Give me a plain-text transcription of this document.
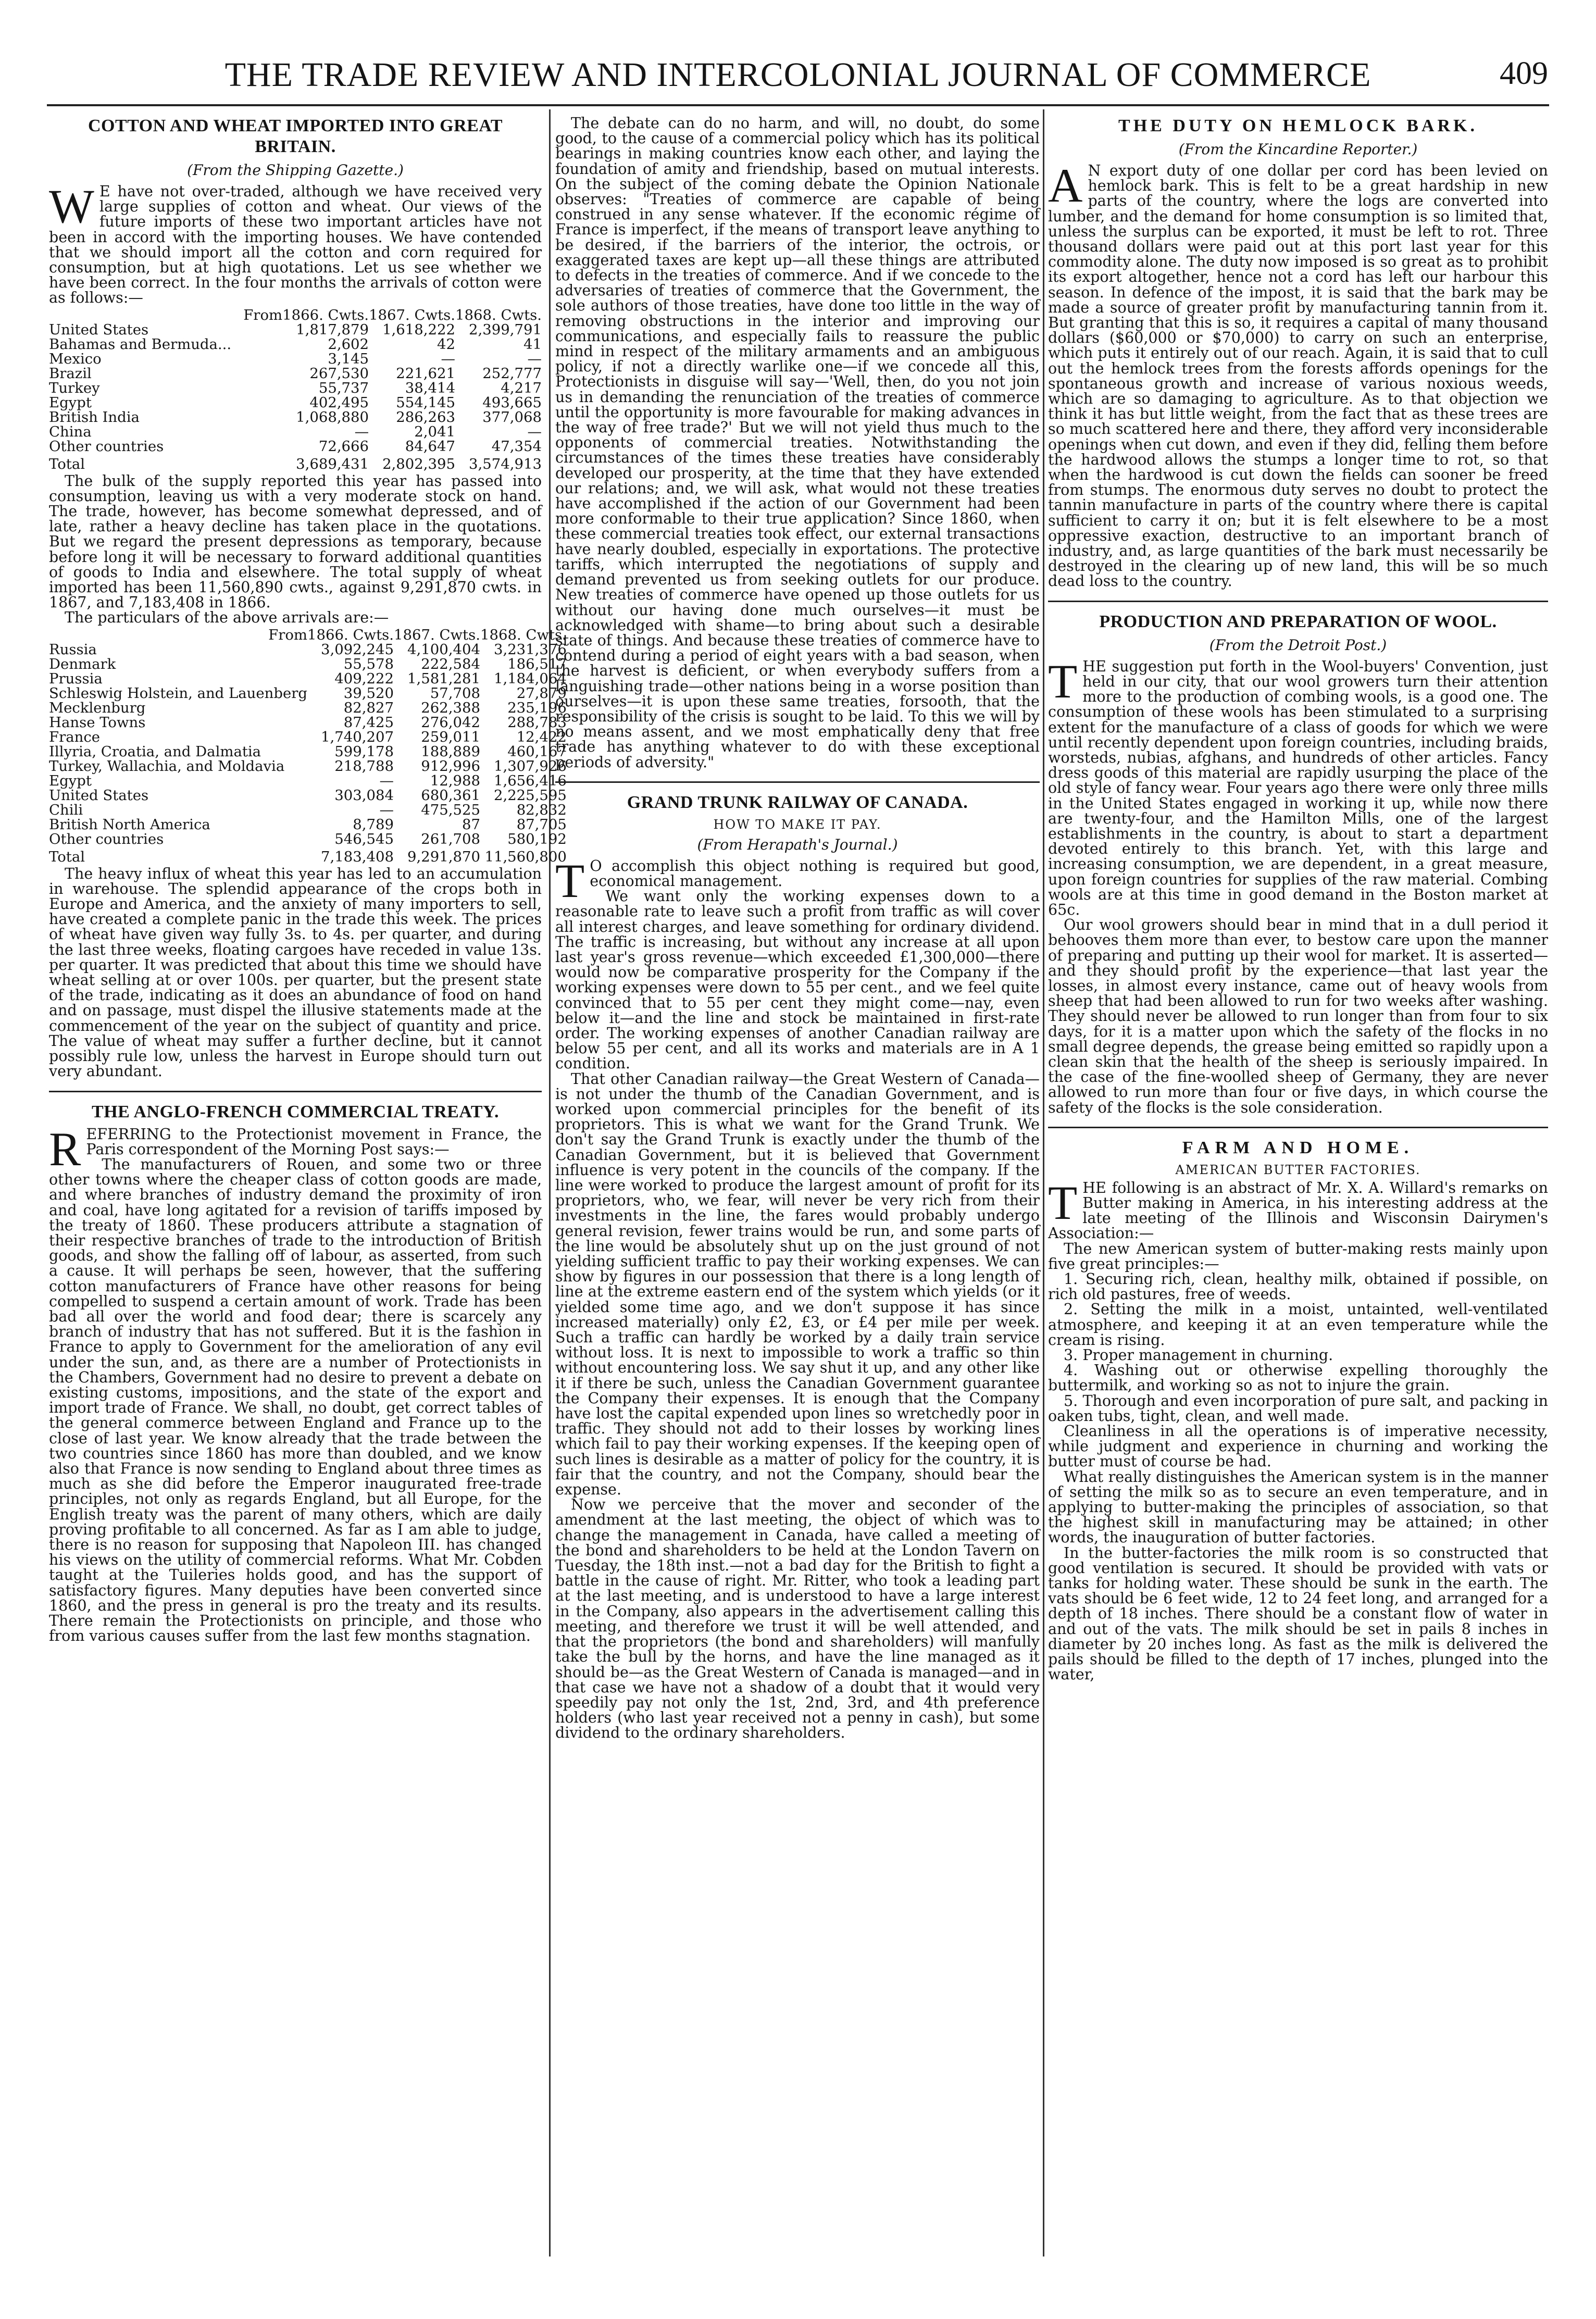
THE TRADE REVIEW AND INTERCOLONIAL JOURNAL OF COMMERCE	409
COTTON AND WHEAT IMPORTED INTO GREAT BRITAIN.
(From the Shipping Gazette.)

W E have not over-traded, although we have received very large supplies of cotton and wheat. Our views of the future imports of these two important articles have not been in accord with the importing houses. We have contended that we should import all the cotton and corn required for consumption, but at high quotations. Let us see whether we have been correct. In the four months the arrivals of cotton were as follows:—

From	1866. Cwts.	1867. Cwts.	1868. Cwts.
United States	1,817,879	1,618,222	2,399,791
Bahamas and Bermuda...	2,602	42	41
Mexico	3,145	—	—
Brazil	267,530	221,621	252,777
Turkey	55,737	38,414	4,217
Egypt	402,495	554,145	493,665
British India	1,068,880	286,263	377,068
China	—	2,041	—
Other countries	72,666	84,647	47,354
Total	3,689,431	2,802,395	3,574,913

The bulk of the supply reported this year has passed into consumption, leaving us with a very moderate stock on hand. The trade, however, has become somewhat depressed, and of late, rather a heavy decline has taken place in the quotations. But we regard the present depressions as temporary, because before long it will be necessary to forward additional quantities of goods to India and elsewhere. The total supply of wheat imported has been 11,560,890 cwts., against 9,291,870 cwts. in 1867, and 7,183,408 in 1866.

The particulars of the above arrivals are:—

From	1866. Cwts.	1867. Cwts.	1868. Cwts.
Russia	3,092,245	4,100,404	3,231,376
Denmark	55,578	222,584	186,517
Prussia	409,222	1,581,281	1,184,064
Schleswig Holstein, and Lauenberg	39,520	57,708	27,879
Mecklenburg	82,827	262,388	235,196
Hanse Towns	87,425	276,042	288,783
France	1,740,207	259,011	12,422
Illyria, Croatia, and Dalmatia	599,178	188,889	460,167
Turkey, Wallachia, and Moldavia	218,788	912,996	1,307,926
Egypt	—	12,988	1,656,416
United States	303,084	680,361	2,225,595
Chili	—	475,525	82,832
British North America	8,789	87	87,705
Other countries	546,545	261,708	580,192
Total	7,183,408	9,291,870	11,560,800

The heavy influx of wheat this year has led to an accumulation in warehouse. The splendid appearance of the crops both in Europe and America, and the anxiety of many importers to sell, have created a complete panic in the trade this week. The prices of wheat have given way fully 3s. to 4s. per quarter, and during the last three weeks, floating cargoes have receded in value 13s. per quarter. It was predicted that about this time we should have wheat selling at or over 100s. per quarter, but the present state of the trade, indicating as it does an abundance of food on hand and on passage, must dispel the illusive statements made at the commencement of the year on the subject of quantity and price. The value of wheat may suffer a further decline, but it cannot possibly rule low, unless the harvest in Europe should turn out very abundant.

THE ANGLO-FRENCH COMMERCIAL TREATY.

REFERRING to the Protectionist movement in France, the Paris correspondent of the Morning Post says:—

The manufacturers of Rouen, and some two or three other towns where the cheaper class of cotton goods are made, and where branches of industry demand the proximity of iron and coal, have long agitated for a revision of tariffs imposed by the treaty of 1860. These producers attribute a stagnation of their respective branches of trade to the introduction of British goods, and show the falling off of labour, as asserted, from such a cause. It will perhaps be seen, however, that the suffering cotton manufacturers of France have other reasons for being compelled to suspend a certain amount of work. Trade has been bad all over the world and food dear; there is scarcely any branch of industry that has not suffered. But it is the fashion in France to apply to Government for the amelioration of any evil under the sun, and, as there are a number of Protectionists in the Chambers, Government had no desire to prevent a debate on existing customs, impositions, and the state of the export and import trade of France. We shall, no doubt, get correct tables of the general commerce between England and France up to the close of last year. We know already that the trade between the two countries since 1860 has more than doubled, and we know also that France is now sending to England about three times as much as she did before the Emperor inaugurated free-trade principles, not only as regards England, but all Europe, for the English treaty was the parent of many others, which are daily proving profitable to all concerned. As far as I am able to judge, there is no reason for supposing that Napoleon III. has changed his views on the utility of commercial reforms. What Mr. Cobden taught at the Tuileries holds good, and has the support of satisfactory figures. Many deputies have been converted since 1860, and the press in general is pro the treaty and its results. There remain the Protectionists on principle, and those who from various causes suffer from the last few months stagnation.

The debate can do no harm, and will, no doubt, do some good, to the cause of a commercial policy which has its political bearings in making countries know each other, and laying the foundation of amity and friendship, based on mutual interests. On the subject of the coming debate the Opinion Nationale observes: "Treaties of commerce are capable of being construed in any sense whatever. If the economic régime of France is imperfect, if the means of transport leave anything to be desired, if the barriers of the interior, the octrois, or exaggerated taxes are kept up—all these things are attributed to defects in the treaties of commerce. And if we concede to the adversaries of treaties of commerce that the Government, the sole authors of those treaties, have done too little in the way of removing obstructions in the interior and improving our communications, and especially fails to reassure the public mind in respect of the military armaments and an ambiguous policy, if not a directly warlike one—if we concede all this, Protectionists in disguise will say—'Well, then, do you not join us in demanding the renunciation of the treaties of commerce until the opportunity is more favourable for making advances in the way of free trade?' But we will not yield thus much to the opponents of commercial treaties. Notwithstanding the circumstances of the times these treaties have considerably developed our prosperity, at the time that they have extended our relations; and, we will ask, what would not these treaties have accomplished if the action of our Government had been more conformable to their true application? Since 1860, when these commercial treaties took effect, our external transactions have nearly doubled, especially in exportations. The protective tariffs, which interrupted the negotiations of supply and demand prevented us from seeking outlets for our produce. New treaties of commerce have opened up those outlets for us without our having done much ourselves—it must be acknowledged with shame—to bring about such a desirable state of things. And because these treaties of commerce have to contend during a period of eight years with a bad season, when the harvest is deficient, or when everybody suffers from a languishing trade—other nations being in a worse position than ourselves—it is upon these same treaties, forsooth, that the responsibility of the crisis is sought to be laid. To this we will by no means assent, and we most emphatically deny that free trade has anything whatever to do with these exceptional periods of adversity."

GRAND TRUNK RAILWAY OF CANADA.
HOW TO MAKE IT PAY.
(From Herapath's Journal.)

T O accomplish this object nothing is required but good, economical management.

We want only the working expenses down to a reasonable rate to leave such a profit from traffic as will cover all interest charges, and leave something for ordinary dividend. The traffic is increasing, but without any increase at all upon last year's gross revenue—which exceeded £1,300,000—there would now be comparative prosperity for the Company if the working expenses were down to 55 per cent., and we feel quite convinced that to 55 per cent they might come—nay, even below it—and the line and stock be maintained in first-rate order. The working expenses of another Canadian railway are below 55 per cent, and all its works and materials are in A 1 condition.

That other Canadian railway—the Great Western of Canada—is not under the thumb of the Canadian Government, and is worked upon commercial principles for the benefit of its proprietors. This is what we want for the Grand Trunk. We don't say the Grand Trunk is exactly under the thumb of the Canadian Government, but it is believed that Government influence is very potent in the councils of the company. If the line were worked to produce the largest amount of profit for its proprietors, who, we fear, will never be very rich from their investments in the line, the fares would probably undergo general revision, fewer trains would be run, and some parts of the line would be absolutely shut up on the just ground of not yielding sufficient traffic to pay their working expenses. We can show by figures in our possession that there is a long length of line at the extreme eastern end of the system which yields (or it yielded some time ago, and we don't suppose it has since increased materially) only £2, £3, or £4 per mile per week. Such a traffic can hardly be worked by a daily train service without loss. It is next to impossible to work a traffic so thin without encountering loss. We say shut it up, and any other like it if there be such, unless the Canadian Government guarantee the Company their expenses. It is enough that the Company have lost the capital expended upon lines so wretchedly poor in traffic. They should not add to their losses by working lines which fail to pay their working expenses. If the keeping open of such lines is desirable as a matter of policy for the country, it is fair that the country, and not the Company, should bear the expense.

Now we perceive that the mover and seconder of the amendment at the last meeting, the object of which was to change the management in Canada, have called a meeting of the bond and shareholders to be held at the London Tavern on Tuesday, the 18th inst.—not a bad day for the British to fight a battle in the cause of right. Mr. Ritter, who took a leading part at the last meeting, and is understood to have a large interest in the Company, also appears in the advertisement calling this meeting, and therefore we trust it will be well attended, and that the proprietors (the bond and shareholders) will manfully take the bull by the horns, and have the line managed as it should be—as the Great Western of Canada is managed—and in that case we have not a shadow of a doubt that it would very speedily pay not only the 1st, 2nd, 3rd, and 4th preference holders (who last year received not a penny in cash), but some dividend to the ordinary shareholders.

THE DUTY ON HEMLOCK BARK.
(From the Kincardine Reporter.)

A N export duty of one dollar per cord has been levied on hemlock bark. This is felt to be a great hardship in new parts of the country, where the logs are converted into lumber, and the demand for home consumption is so limited that, unless the surplus can be exported, it must be left to rot. Three thousand dollars were paid out at this port last year for this commodity alone. The duty now imposed is so great as to prohibit its export altogether, hence not a cord has left our harbour this season. In defence of the impost, it is said that the bark may be made a source of greater profit by manufacturing tannin from it. But granting that this is so, it requires a capital of many thousand dollars ($60,000 or $70,000) to carry on such an enterprise, which puts it entirely out of our reach. Again, it is said that to cull out the hemlock trees from the forests affords openings for the spontaneous growth and increase of various noxious weeds, which are so damaging to agriculture. As to that objection we think it has but little weight, from the fact that as these trees are so much scattered here and there, they afford very inconsiderable openings when cut down, and even if they did, felling them before the hardwood allows the stumps a longer time to rot, so that when the hardwood is cut down the fields can sooner be freed from stumps. The enormous duty serves no doubt to protect the tannin manufacture in parts of the country where there is capital sufficient to carry it on; but it is felt elsewhere to be a most oppressive exaction, destructive to an important branch of industry, and, as large quantities of the bark must necessarily be destroyed in the clearing up of new land, this will be so much dead loss to the country.

PRODUCTION AND PREPARATION OF WOOL.
(From the Detroit Post.)

THE suggestion put forth in the Wool-buyers' Convention, just held in our city, that our wool growers turn their attention more to the production of combing wools, is a good one. The consumption of these wools has been stimulated to a surprising extent for the manufacture of a class of goods for which we were until recently dependent upon foreign countries, including braids, worsteds, nubias, afghans, and hundreds of other articles. Fancy dress goods of this material are rapidly usurping the place of the old style of fancy wear. Four years ago there were only three mills in the United States engaged in working it up, while now there are twenty-four, and the Hamilton Mills, one of the largest establishments in the country, is about to start a department devoted entirely to this branch. Yet, with this large and increasing consumption, we are dependent, in a great measure, upon foreign countries for supplies of the raw material. Combing wools are at this time in good demand in the Boston market at 65c.

Our wool growers should bear in mind that in a dull period it behooves them more than ever, to bestow care upon the manner of preparing and putting up their wool for market. It is asserted—and they should profit by the experience—that last year the losses, in almost every instance, came out of heavy wools from sheep that had been allowed to run for two weeks after washing. They should never be allowed to run longer than from four to six days, for it is a matter upon which the safety of the flocks in no small degree depends, the grease being emitted so rapidly upon a clean skin that the health of the sheep is seriously impaired. In the case of the fine-woolled sheep of Germany, they are never allowed to run more than four or five days, in which course the safety of the flocks is the sole consideration.

FARM AND HOME.
AMERICAN BUTTER FACTORIES.

THE following is an abstract of Mr. X. A. Willard's remarks on Butter making in America, in his interesting address at the late meeting of the Illinois and Wisconsin Dairymen's Association:—

The new American system of butter-making rests mainly upon five great principles:—

1. Securing rich, clean, healthy milk, obtained if possible, on rich old pastures, free of weeds.

2. Setting the milk in a moist, untainted, well-ventilated atmosphere, and keeping it at an even temperature while the cream is rising.

3. Proper management in churning.

4. Washing out or otherwise expelling thoroughly the buttermilk, and working so as not to injure the grain.

5. Thorough and even incorporation of pure salt, and packing in oaken tubs, tight, clean, and well made.

Cleanliness in all the operations is of imperative necessity, while judgment and experience in churning and working the butter must of course be had.

What really distinguishes the American system is in the manner of setting the milk so as to secure an even temperature, and in applying to butter-making the principles of association, so that the highest skill in manufacturing may be attained; in other words, the inauguration of butter factories.

In the butter-factories the milk room is so constructed that good ventilation is secured. It should be provided with vats or tanks for holding water. These should be sunk in the earth. The vats should be 6 feet wide, 12 to 24 feet long, and arranged for a depth of 18 inches. There should be a constant flow of water in and out of the vats. The milk should be set in pails 8 inches in diameter by 20 inches long. As fast as the milk is delivered the pails should be filled to the depth of 17 inches, plunged into the water,
